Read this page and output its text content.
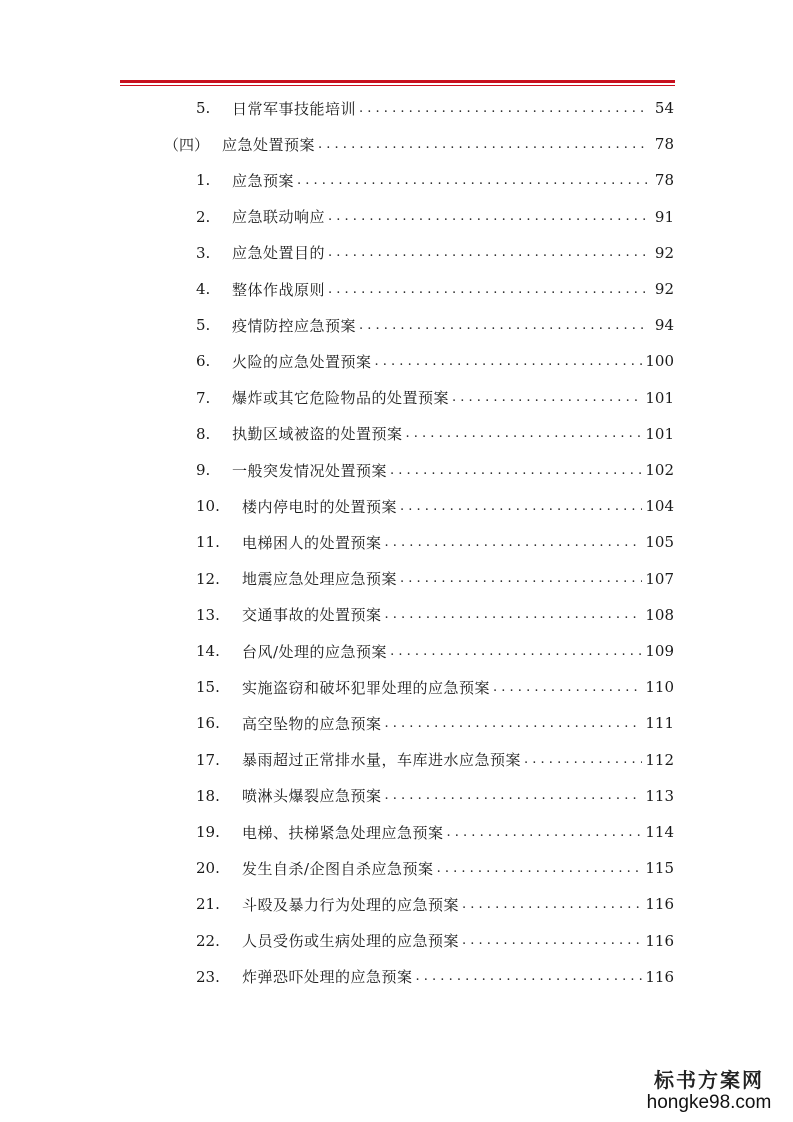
5.	日常军事技能培训 . . .	54
（四） 应急处置预案 . . .	78
1.	应急预案 . . .	78
2.	应急联动响应 . . .	91
3.	应急处置目的 . . .	92
4.	整体作战原则 . . .	92
5.	疫情防控应急预案 . . .	94
6.	火险的应急处置预案 . . .	100
7.	爆炸或其它危险物品的处置预案 . . .	101
8.	执勤区域被盗的处置预案 . . .	101
9.	一般突发情况处置预案 . . .	102
10.	楼内停电时的处置预案 . . .	104
11.	电梯困人的处置预案 . . .	105
12.	地震应急处理应急预案 . . .	107
13.	交通事故的处置预案 . . .	108
14.	台风/处理的应急预案 . . .	109
15.	实施盗窃和破坏犯罪处理的应急预案 . . .	110
16.	高空坠物的应急预案 . . .	111
17.	暴雨超过正常排水量，车库进水应急预案 . . .	112
18.	喷淋头爆裂应急预案 . . .	113
19.	电梯、扶梯紧急处理应急预案 . . .	114
20.	发生自杀/企图自杀应急预案 . . .	115
21.	斗殴及暴力行为处理的应急预案 . . .	116
22.	人员受伤或生病处理的应急预案 . . .	116
23.	炸弹恐吓处理的应急预案 . . .	116
标书方案网
hongke98.com
